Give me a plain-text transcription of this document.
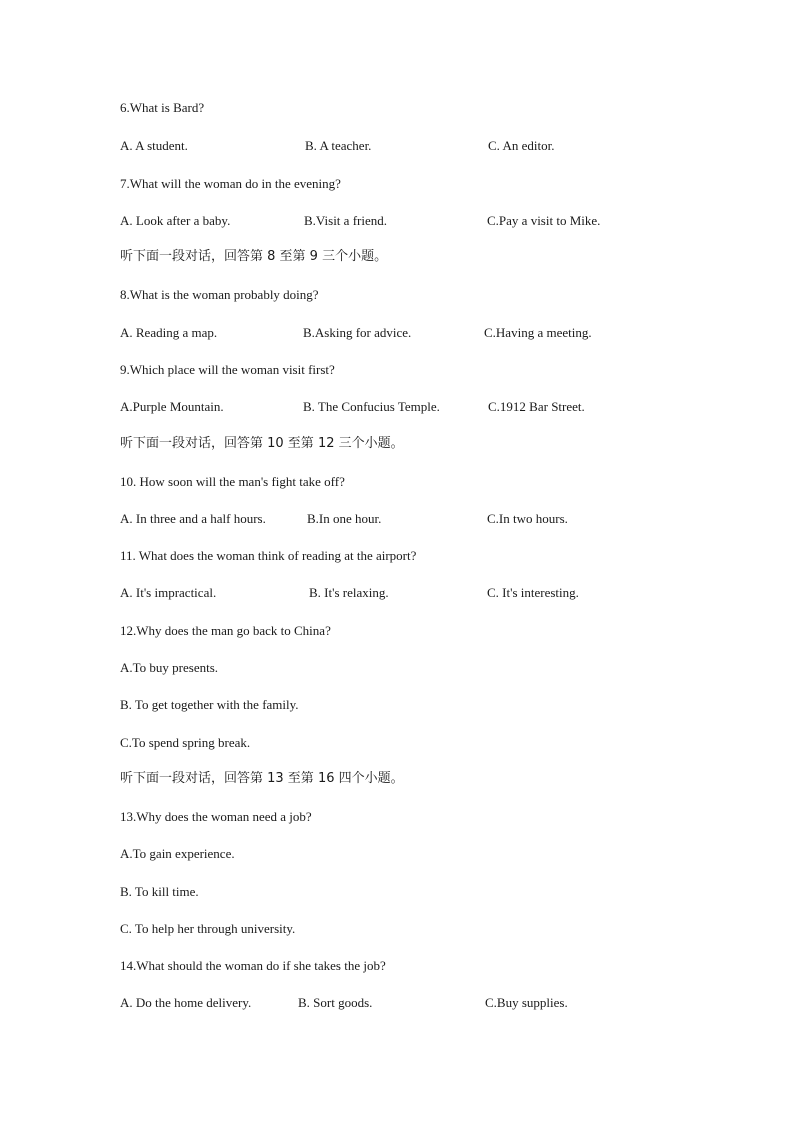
6.What is Bard?
A. A student.	B. A teacher.	C. An editor.
7.What will the woman do in the evening?
A. Look after a baby.	B.Visit a friend.	C.Pay a visit to Mike.
听下面一段对话，回答第 8 至第 9 三个小题。
8.What is the woman probably doing?
A. Reading a map.	B.Asking for advice.	C.Having a meeting.
9.Which place will the woman visit first?
A.Purple Mountain.	B. The Confucius Temple.	C.1912 Bar Street.
听下面一段对话，回答第 10 至第 12 三个小题。
10. How soon will the man's fight take off?
A. In three and a half hours.	B.In one hour.	C.In two hours.
11. What does the woman think of reading at the airport?
A. It's impractical.	B. It's relaxing.	C. It's interesting.
12.Why does the man go back to China?
A.To buy presents.
B. To get together with the family.
C.To spend spring break.
听下面一段对话，回答第 13 至第 16 四个小题。
13.Why does the woman need a job?
A.To gain experience.
B. To kill time.
C. To help her through university.
14.What should the woman do if she takes the job?
A. Do the home delivery.	B. Sort goods.	C.Buy supplies.
